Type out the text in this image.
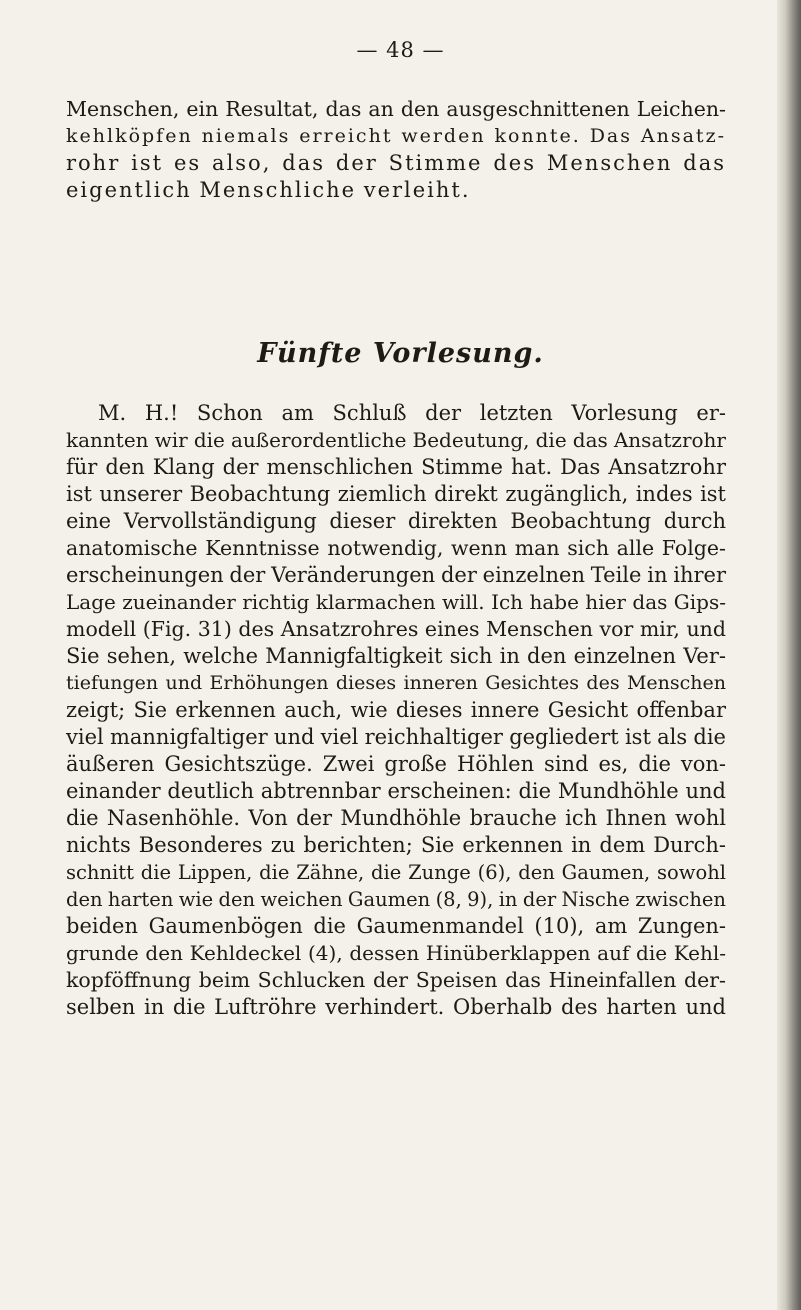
— 48 —
Menschen, ein Resultat, das an den ausgeschnittenen Leichen-
kehlköpfen niemals erreicht werden konnte. Das Ansatz-
rohr ist es also, das der Stimme des Menschen das
eigentlich Menschliche verleiht.
Fünfte Vorlesung.
M. H.! Schon am Schluß der letzten Vorlesung er-
kannten wir die außerordentliche Bedeutung, die das Ansatzrohr
für den Klang der menschlichen Stimme hat. Das Ansatzrohr
ist unserer Beobachtung ziemlich direkt zugänglich, indes ist
eine Vervollständigung dieser direkten Beobachtung durch
anatomische Kenntnisse notwendig, wenn man sich alle Folge-
erscheinungen der Veränderungen der einzelnen Teile in ihrer
Lage zueinander richtig klarmachen will. Ich habe hier das Gips-
modell (Fig. 31) des Ansatzrohres eines Menschen vor mir, und
Sie sehen, welche Mannigfaltigkeit sich in den einzelnen Ver-
tiefungen und Erhöhungen dieses inneren Gesichtes des Menschen
zeigt; Sie erkennen auch, wie dieses innere Gesicht offenbar
viel mannigfaltiger und viel reichhaltiger gegliedert ist als die
äußeren Gesichtszüge. Zwei große Höhlen sind es, die von-
einander deutlich abtrennbar erscheinen: die Mundhöhle und
die Nasenhöhle. Von der Mundhöhle brauche ich Ihnen wohl
nichts Besonderes zu berichten; Sie erkennen in dem Durch-
schnitt die Lippen, die Zähne, die Zunge (6), den Gaumen, sowohl
den harten wie den weichen Gaumen (8, 9), in der Nische zwischen
beiden Gaumenbögen die Gaumenmandel (10), am Zungen-
grunde den Kehldeckel (4), dessen Hinüberklappen auf die Kehl-
kopföffnung beim Schlucken der Speisen das Hineinfallen der-
selben in die Luftröhre verhindert. Oberhalb des harten und
